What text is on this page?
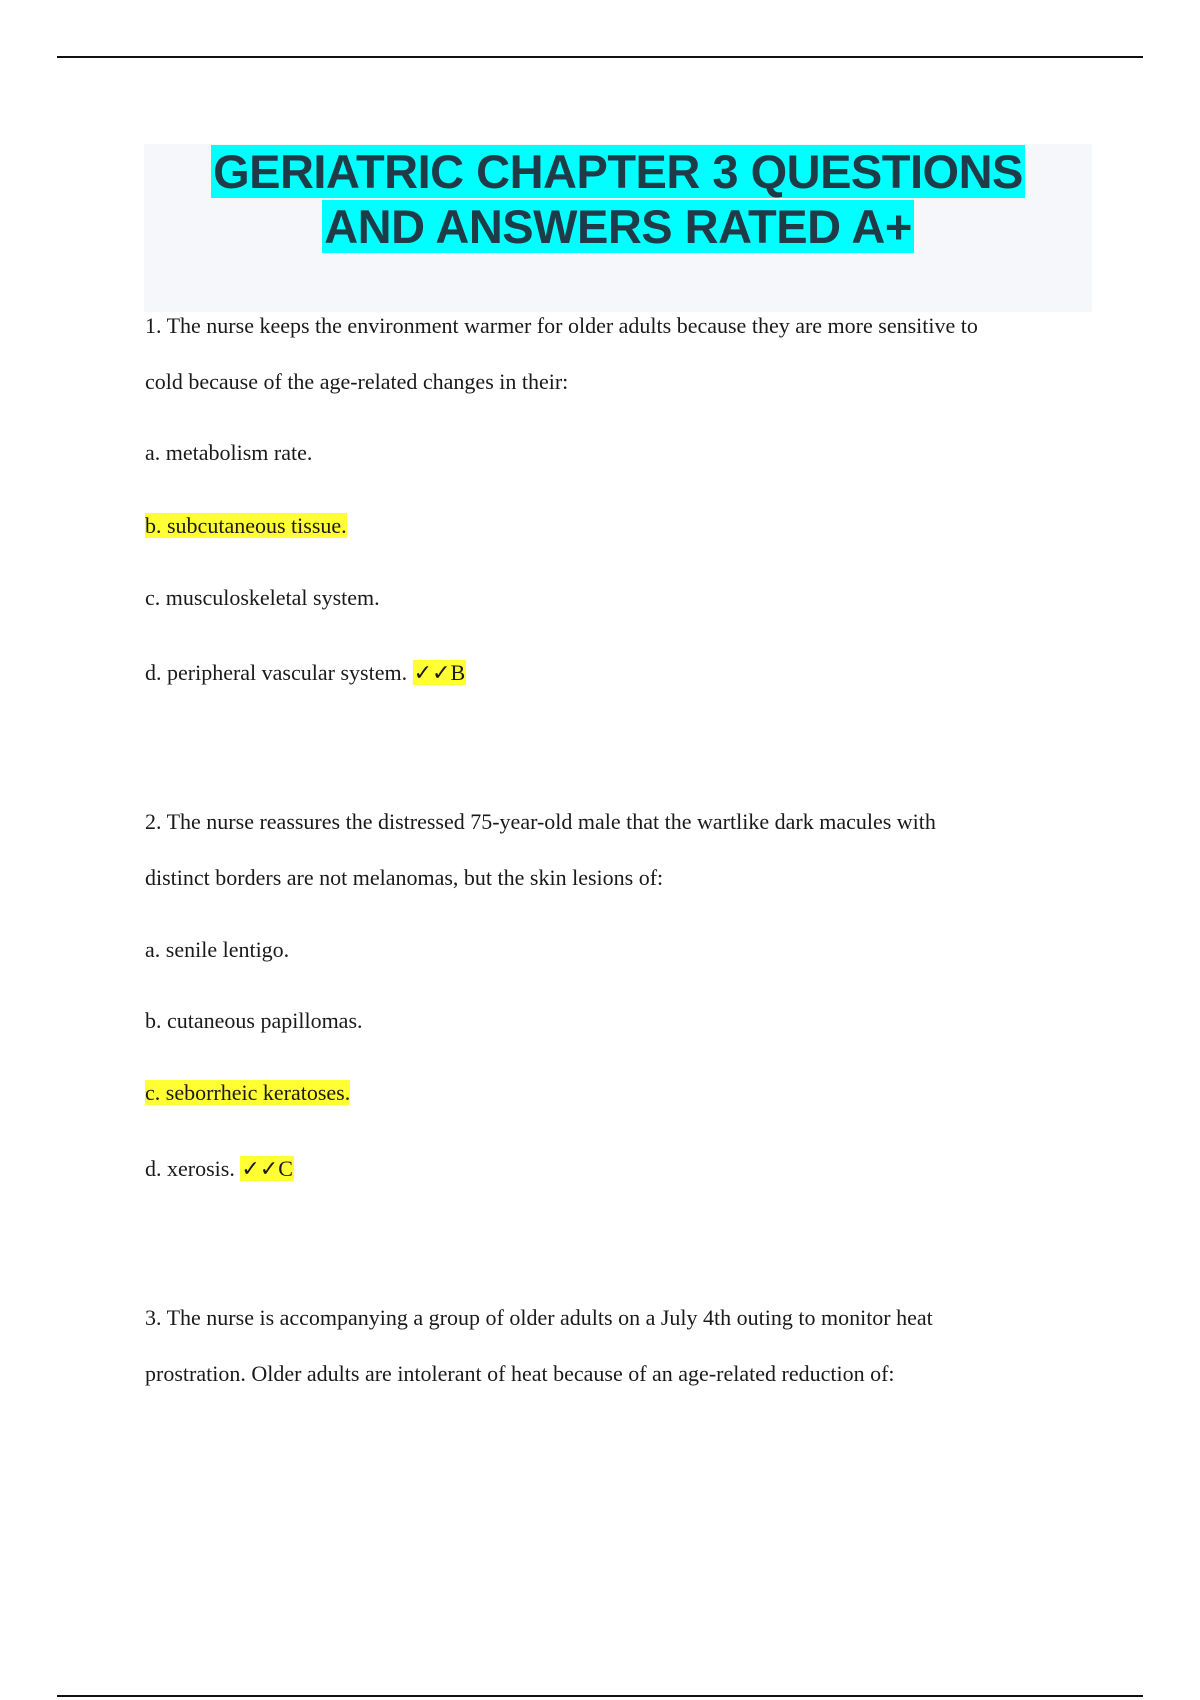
GERIATRIC CHAPTER 3 QUESTIONS
AND ANSWERS RATED A+
1. The nurse keeps the environment warmer for older adults because they are more sensitive to
cold because of the age-related changes in their:
a. metabolism rate.
b. subcutaneous tissue.
c. musculoskeletal system.
d. peripheral vascular system. ✓✓B
2. The nurse reassures the distressed 75-year-old male that the wartlike dark macules with
distinct borders are not melanomas, but the skin lesions of:
a. senile lentigo.
b. cutaneous papillomas.
c. seborrheic keratoses.
d. xerosis. ✓✓C
3. The nurse is accompanying a group of older adults on a July 4th outing to monitor heat
prostration. Older adults are intolerant of heat because of an age-related reduction of:
